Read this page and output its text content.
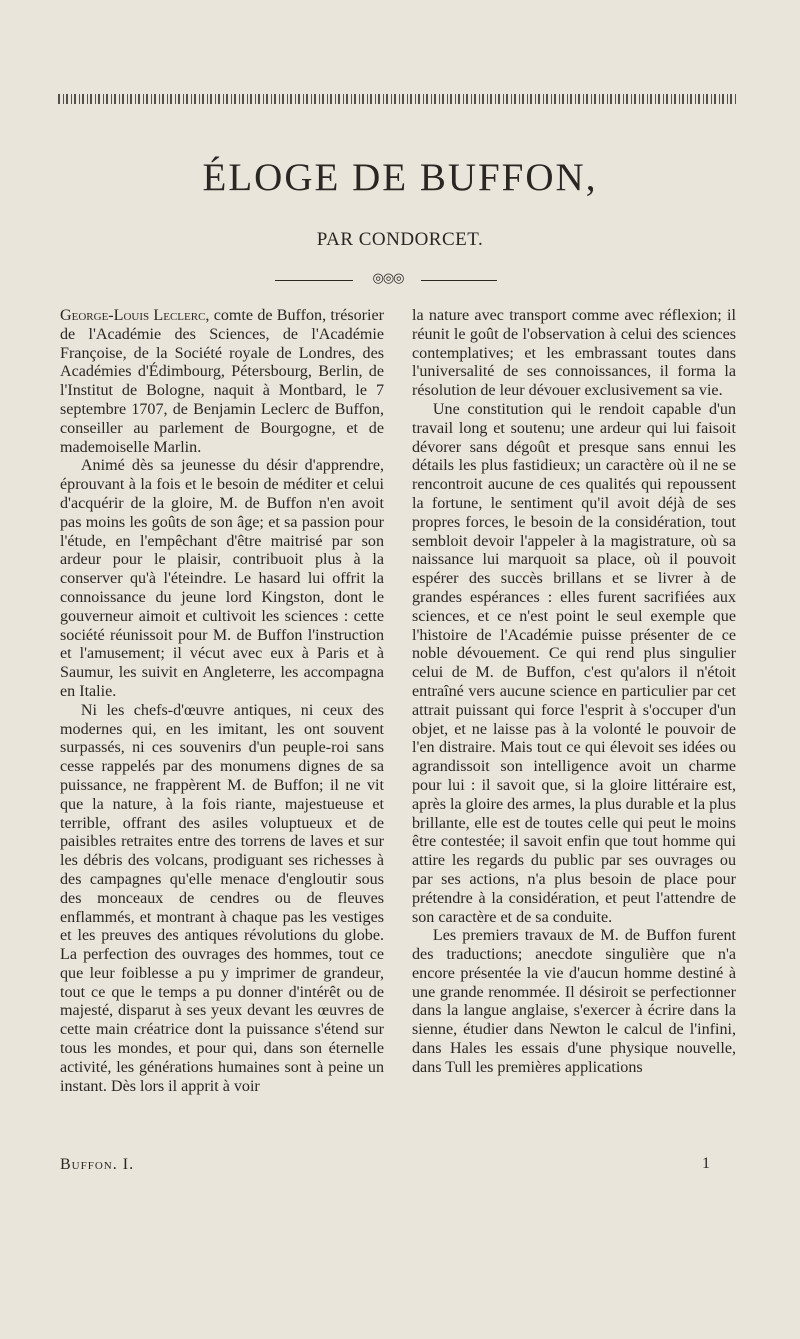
ÉLOGE DE BUFFON,
PAR CONDORCET.
◎◎◎

George-Louis Leclerc, comte de Buffon, trésorier de l'Académie des Sciences, de l'Académie Françoise, de la Société royale de Londres, des Académies d'Édimbourg, Pétersbourg, Berlin, de l'Institut de Bologne, naquit à Montbard, le 7 septembre 1707, de Benjamin Leclerc de Buffon, conseiller au parlement de Bourgogne, et de mademoiselle Marlin.

Animé dès sa jeunesse du désir d'apprendre, éprouvant à la fois et le besoin de méditer et celui d'acquérir de la gloire, M. de Buffon n'en avoit pas moins les goûts de son âge; et sa passion pour l'étude, en l'empêchant d'être maitrisé par son ardeur pour le plaisir, contribuoit plus à la conserver qu'à l'éteindre. Le hasard lui offrit la connoissance du jeune lord Kingston, dont le gouverneur aimoit et cultivoit les sciences : cette société réunissoit pour M. de Buffon l'instruction et l'amusement; il vécut avec eux à Paris et à Saumur, les suivit en Angleterre, les accompagna en Italie.

Ni les chefs-d'œuvre antiques, ni ceux des modernes qui, en les imitant, les ont souvent surpassés, ni ces souvenirs d'un peuple-roi sans cesse rappelés par des monumens dignes de sa puissance, ne frappèrent M. de Buffon; il ne vit que la nature, à la fois riante, majestueuse et terrible, offrant des asiles voluptueux et de paisibles retraites entre des torrens de laves et sur les débris des volcans, prodiguant ses richesses à des campagnes qu'elle menace d'engloutir sous des monceaux de cendres ou de fleuves enflammés, et montrant à chaque pas les vestiges et les preuves des antiques révolutions du globe. La perfection des ouvrages des hommes, tout ce que leur foiblesse a pu y imprimer de grandeur, tout ce que le temps a pu donner d'intérêt ou de majesté, disparut à ses yeux devant les œuvres de cette main créatrice dont la puissance s'étend sur tous les mondes, et pour qui, dans son éternelle activité, les générations humaines sont à peine un instant. Dès lors il apprit à voir

la nature avec transport comme avec réflexion; il réunit le goût de l'observation à celui des sciences contemplatives; et les embrassant toutes dans l'universalité de ses connoissances, il forma la résolution de leur dévouer exclusivement sa vie.

Une constitution qui le rendoit capable d'un travail long et soutenu; une ardeur qui lui faisoit dévorer sans dégoût et presque sans ennui les détails les plus fastidieux; un caractère où il ne se rencontroit aucune de ces qualités qui repoussent la fortune, le sentiment qu'il avoit déjà de ses propres forces, le besoin de la considération, tout sembloit devoir l'appeler à la magistrature, où sa naissance lui marquoit sa place, où il pouvoit espérer des succès brillans et se livrer à de grandes espérances : elles furent sacrifiées aux sciences, et ce n'est point le seul exemple que l'histoire de l'Académie puisse présenter de ce noble dévouement. Ce qui rend plus singulier celui de M. de Buffon, c'est qu'alors il n'étoit entraîné vers aucune science en particulier par cet attrait puissant qui force l'esprit à s'occuper d'un objet, et ne laisse pas à la volonté le pouvoir de l'en distraire. Mais tout ce qui élevoit ses idées ou agrandissoit son intelligence avoit un charme pour lui : il savoit que, si la gloire littéraire est, après la gloire des armes, la plus durable et la plus brillante, elle est de toutes celle qui peut le moins être contestée; il savoit enfin que tout homme qui attire les regards du public par ses ouvrages ou par ses actions, n'a plus besoin de place pour prétendre à la considération, et peut l'attendre de son caractère et de sa conduite.

Les premiers travaux de M. de Buffon furent des traductions; anecdote singulière que n'a encore présentée la vie d'aucun homme destiné à une grande renommée. Il désiroit se perfectionner dans la langue anglaise, s'exercer à écrire dans la sienne, étudier dans Newton le calcul de l'infini, dans Hales les essais d'une physique nouvelle, dans Tull les premières applications

Buffon. I.	1
